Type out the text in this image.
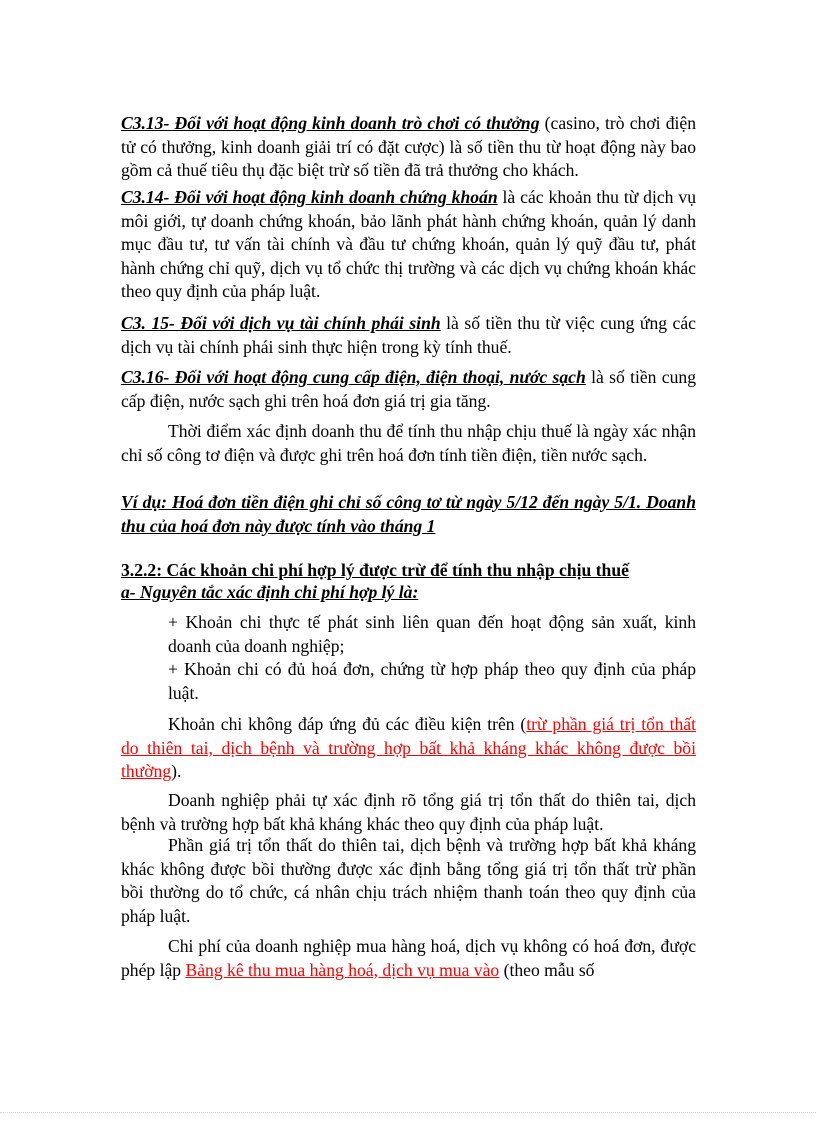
C3.13- Đối với hoạt động kinh doanh trò chơi có thưởng (casino, trò chơi điện tử có thưởng, kinh doanh giải trí có đặt cược) là số tiền thu từ hoạt động này bao gồm cả thuế tiêu thụ đặc biệt trừ số tiền đã trả thưởng cho khách.
C3.14- Đối với hoạt động kinh doanh chứng khoán là các khoản thu từ dịch vụ môi giới, tự doanh chứng khoán, bảo lãnh phát hành chứng khoán, quản lý danh mục đầu tư, tư vấn tài chính và đầu tư chứng khoán, quản lý quỹ đầu tư, phát hành chứng chỉ quỹ, dịch vụ tổ chức thị trường và các dịch vụ chứng khoán khác theo quy định của pháp luật.
C3. 15- Đối với dịch vụ tài chính phái sinh là số tiền thu từ việc cung ứng các dịch vụ tài chính phái sinh thực hiện trong kỳ tính thuế.
C3.16- Đối với hoạt động cung cấp điện, điện thoại, nước sạch là số tiền cung cấp điện, nước sạch ghi trên hoá đơn giá trị gia tăng.
Thời điểm xác định doanh thu để tính thu nhập chịu thuế là ngày xác nhận chỉ số công tơ điện và được ghi trên hoá đơn tính tiền điện, tiền nước sạch.
Ví dụ: Hoá đơn tiền điện ghi chỉ số công tơ từ ngày 5/12 đến ngày 5/1. Doanh thu của hoá đơn này được tính vào tháng 1
3.2.2: Các khoản chi phí hợp lý được trừ để tính thu nhập chịu thuế
a- Nguyên tắc xác định chi phí hợp lý là:
+ Khoản chi thực tế phát sinh liên quan đến hoạt động sản xuất, kinh doanh của doanh nghiệp;
+ Khoản chi có đủ hoá đơn, chứng từ hợp pháp theo quy định của pháp luật.
Khoản chi không đáp ứng đủ các điều kiện trên (trừ phần giá trị tổn thất do thiên tai, dịch bệnh và trường hợp bất khả kháng khác không được bồi thường).
Doanh nghiệp phải tự xác định rõ tổng giá trị tổn thất do thiên tai, dịch bệnh và trường hợp bất khả kháng khác theo quy định của pháp luật.
Phần giá trị tổn thất do thiên tai, dịch bệnh và trường hợp bất khả kháng khác không được bồi thường được xác định bằng tổng giá trị tổn thất trừ phần bồi thường do tổ chức, cá nhân chịu trách nhiệm thanh toán theo quy định của pháp luật.
Chi phí của doanh nghiệp mua hàng hoá, dịch vụ không có hoá đơn, được phép lập Bảng kê thu mua hàng hoá, dịch vụ mua vào (theo mẫu số
